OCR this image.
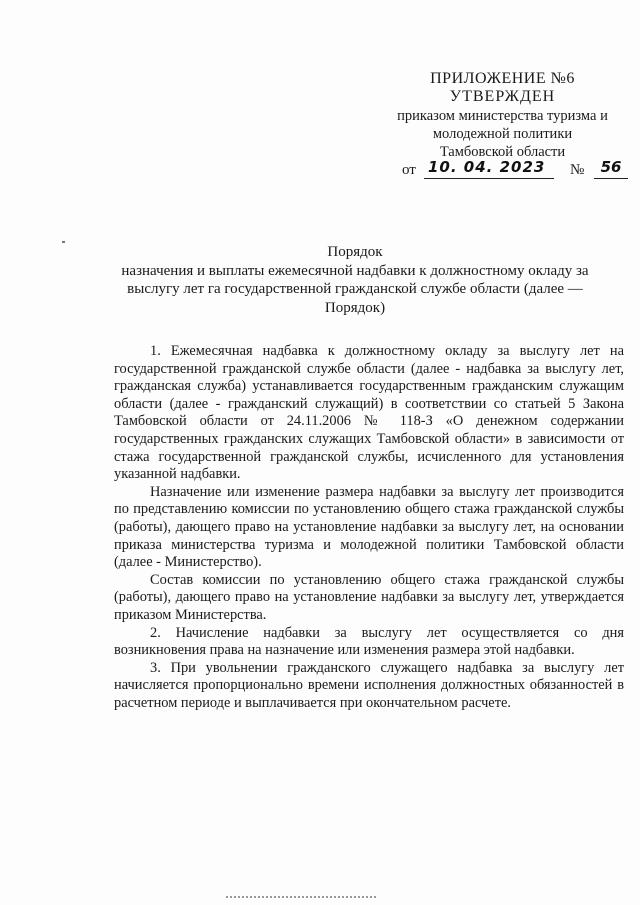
ПРИЛОЖЕНИЕ №6
УТВЕРЖДЕН
приказом министерства туризма и
молодежной политики
Тамбовской области
от 10. 04. 2023	№	56
Порядок
назначения и выплаты ежемесячной надбавки к должностному окладу за
выслугу лет га государственной гражданской службе области (далее —
Порядок)

1. Ежемесячная надбавка к должностному окладу за выслугу лет на государственной гражданской службе области (далее - надбавка за выслугу лет, гражданская служба) устанавливается государственным гражданским служащим области (далее - гражданский служащий) в соответствии со статьей 5 Закона Тамбовской области от 24.11.2006 № 118-З «О денежном содержании государственных гражданских служащих Тамбовской области» в зависимости от стажа государственной гражданской службы, исчисленного для установления указанной надбавки.

Назначение или изменение размера надбавки за выслугу лет производится по представлению комиссии по установлению общего стажа гражданской службы (работы), дающего право на установление надбавки за выслугу лет, на основании приказа министерства туризма и молодежной политики Тамбовской области (далее - Министерство).

Состав комиссии по установлению общего стажа гражданской службы (работы), дающего право на установление надбавки за выслугу лет, утверждается приказом Министерства.

2. Начисление надбавки за выслугу лет осуществляется со дня возникновения права на назначение или изменения размера этой надбавки.

3. При увольнении гражданского служащего надбавка за выслугу лет начисляется пропорционально времени исполнения должностных обязанностей в расчетном периоде и выплачивается при окончательном расчете.
